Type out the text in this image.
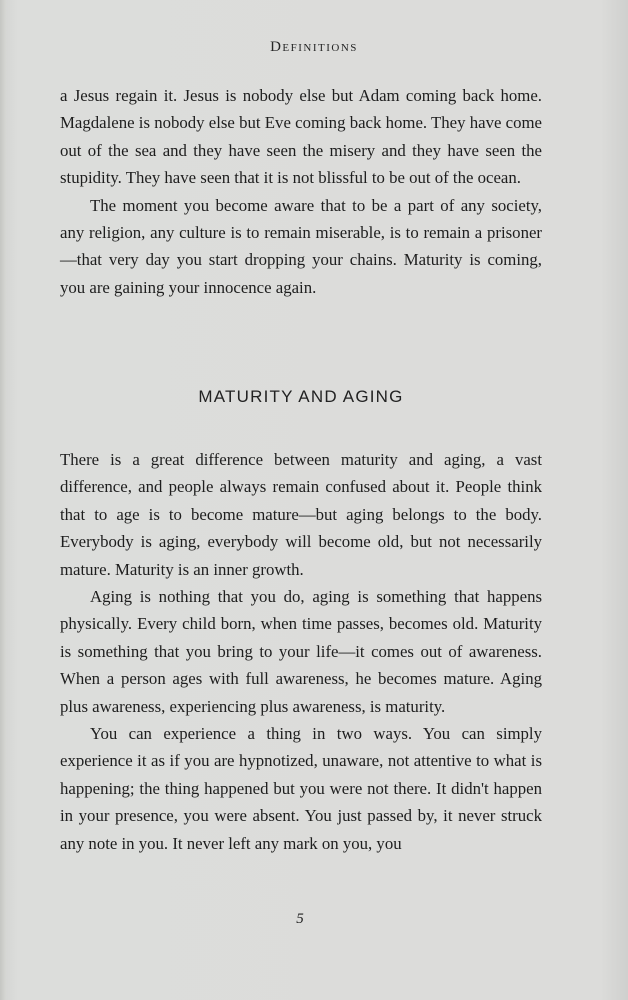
Definitions

a Jesus regain it. Jesus is nobody else but Adam coming back home. Magdalene is nobody else but Eve coming back home. They have come out of the sea and they have seen the misery and they have seen the stupidity. They have seen that it is not blissful to be out of the ocean.

The moment you become aware that to be a part of any society, any religion, any culture is to remain miserable, is to remain a prisoner—that very day you start dropping your chains. Maturity is coming, you are gaining your innocence again.

MATURITY AND AGING

There is a great difference between maturity and aging, a vast difference, and people always remain confused about it. People think that to age is to become mature—but aging belongs to the body. Everybody is aging, everybody will become old, but not necessarily mature. Maturity is an inner growth.

Aging is nothing that you do, aging is something that happens physically. Every child born, when time passes, becomes old. Maturity is something that you bring to your life—it comes out of awareness. When a person ages with full awareness, he becomes mature. Aging plus awareness, experiencing plus awareness, is maturity.

You can experience a thing in two ways. You can simply experience it as if you are hypnotized, unaware, not attentive to what is happening; the thing happened but you were not there. It didn't happen in your presence, you were absent. You just passed by, it never struck any note in you. It never left any mark on you, you

5
